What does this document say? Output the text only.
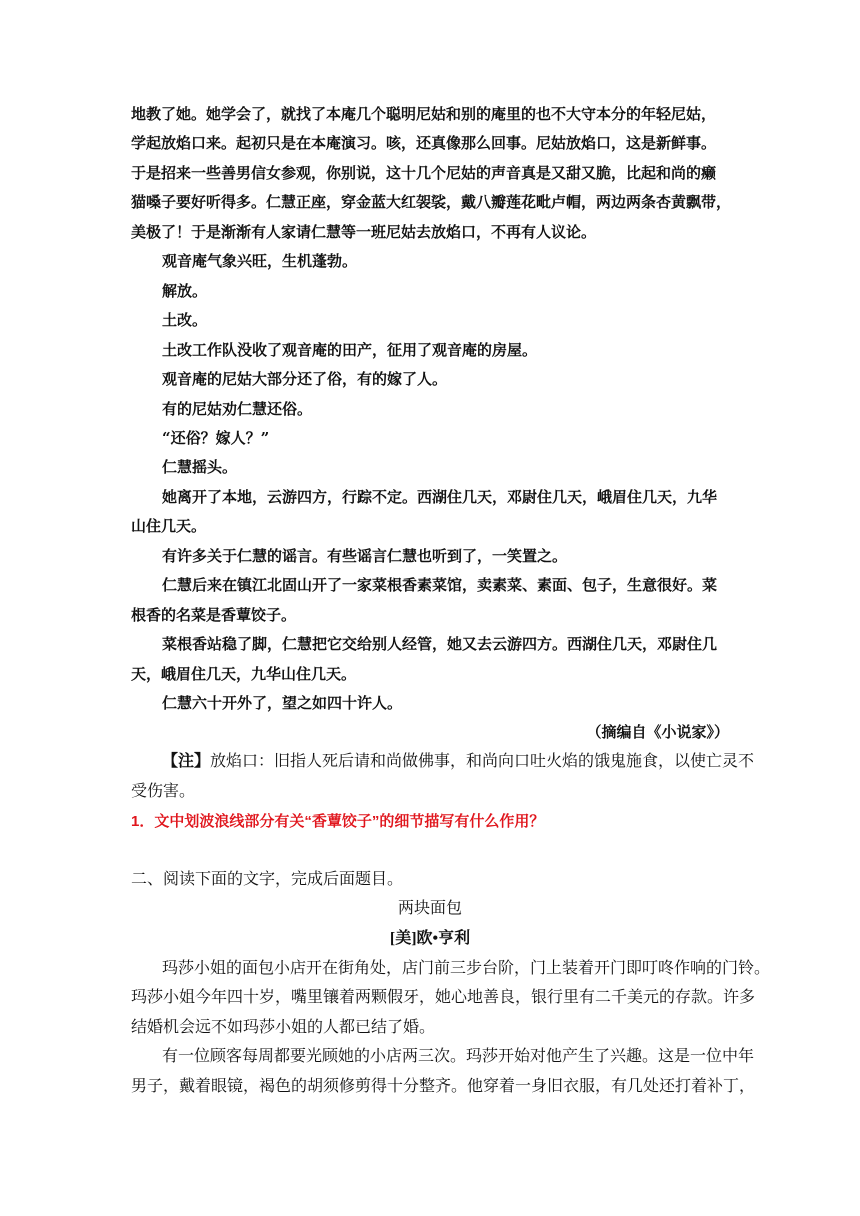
地教了她。她学会了，就找了本庵几个聪明尼姑和别的庵里的也不大守本分的年轻尼姑，
学起放焰口来。起初只是在本庵演习。咳，还真像那么回事。尼姑放焰口，这是新鲜事。
于是招来一些善男信女参观，你别说，这十几个尼姑的声音真是又甜又脆，比起和尚的癞
猫嗓子要好听得多。仁慧正座，穿金蓝大红袈裟，戴八瓣莲花毗卢帽，两边两条杏黄飘带，
美极了！于是渐渐有人家请仁慧等一班尼姑去放焰口，不再有人议论。
观音庵气象兴旺，生机蓬勃。
解放。
土改。
土改工作队没收了观音庵的田产，征用了观音庵的房屋。
观音庵的尼姑大部分还了俗，有的嫁了人。
有的尼姑劝仁慧还俗。
“还俗？嫁人？”
仁慧摇头。
她离开了本地，云游四方，行踪不定。西湖住几天，邓尉住几天，峨眉住几天，九华
山住几天。
有许多关于仁慧的谣言。有些谣言仁慧也听到了，一笑置之。
仁慧后来在镇江北固山开了一家菜根香素菜馆，卖素菜、素面、包子，生意很好。菜
根香的名菜是香蕈饺子。
菜根香站稳了脚，仁慧把它交给别人经管，她又去云游四方。西湖住几天，邓尉住几
天，峨眉住几天，九华山住几天。
仁慧六十开外了，望之如四十许人。
（摘编自《小说家》）
【注】放焰口：旧指人死后请和尚做佛事，和尚向口吐火焰的饿鬼施食，以使亡灵不
受伤害。
1．文中划波浪线部分有关“香蕈饺子”的细节描写有什么作用？
二、阅读下面的文字，完成后面题目。
两块面包
[美]欧•亨利
玛莎小姐的面包小店开在街角处，店门前三步台阶，门上装着开门即叮咚作响的门铃。
玛莎小姐今年四十岁，嘴里镶着两颗假牙，她心地善良，银行里有二千美元的存款。许多
结婚机会远不如玛莎小姐的人都已结了婚。
有一位顾客每周都要光顾她的小店两三次。玛莎开始对他产生了兴趣。这是一位中年
男子，戴着眼镜，褐色的胡须修剪得十分整齐。他穿着一身旧衣服，有几处还打着补丁，
